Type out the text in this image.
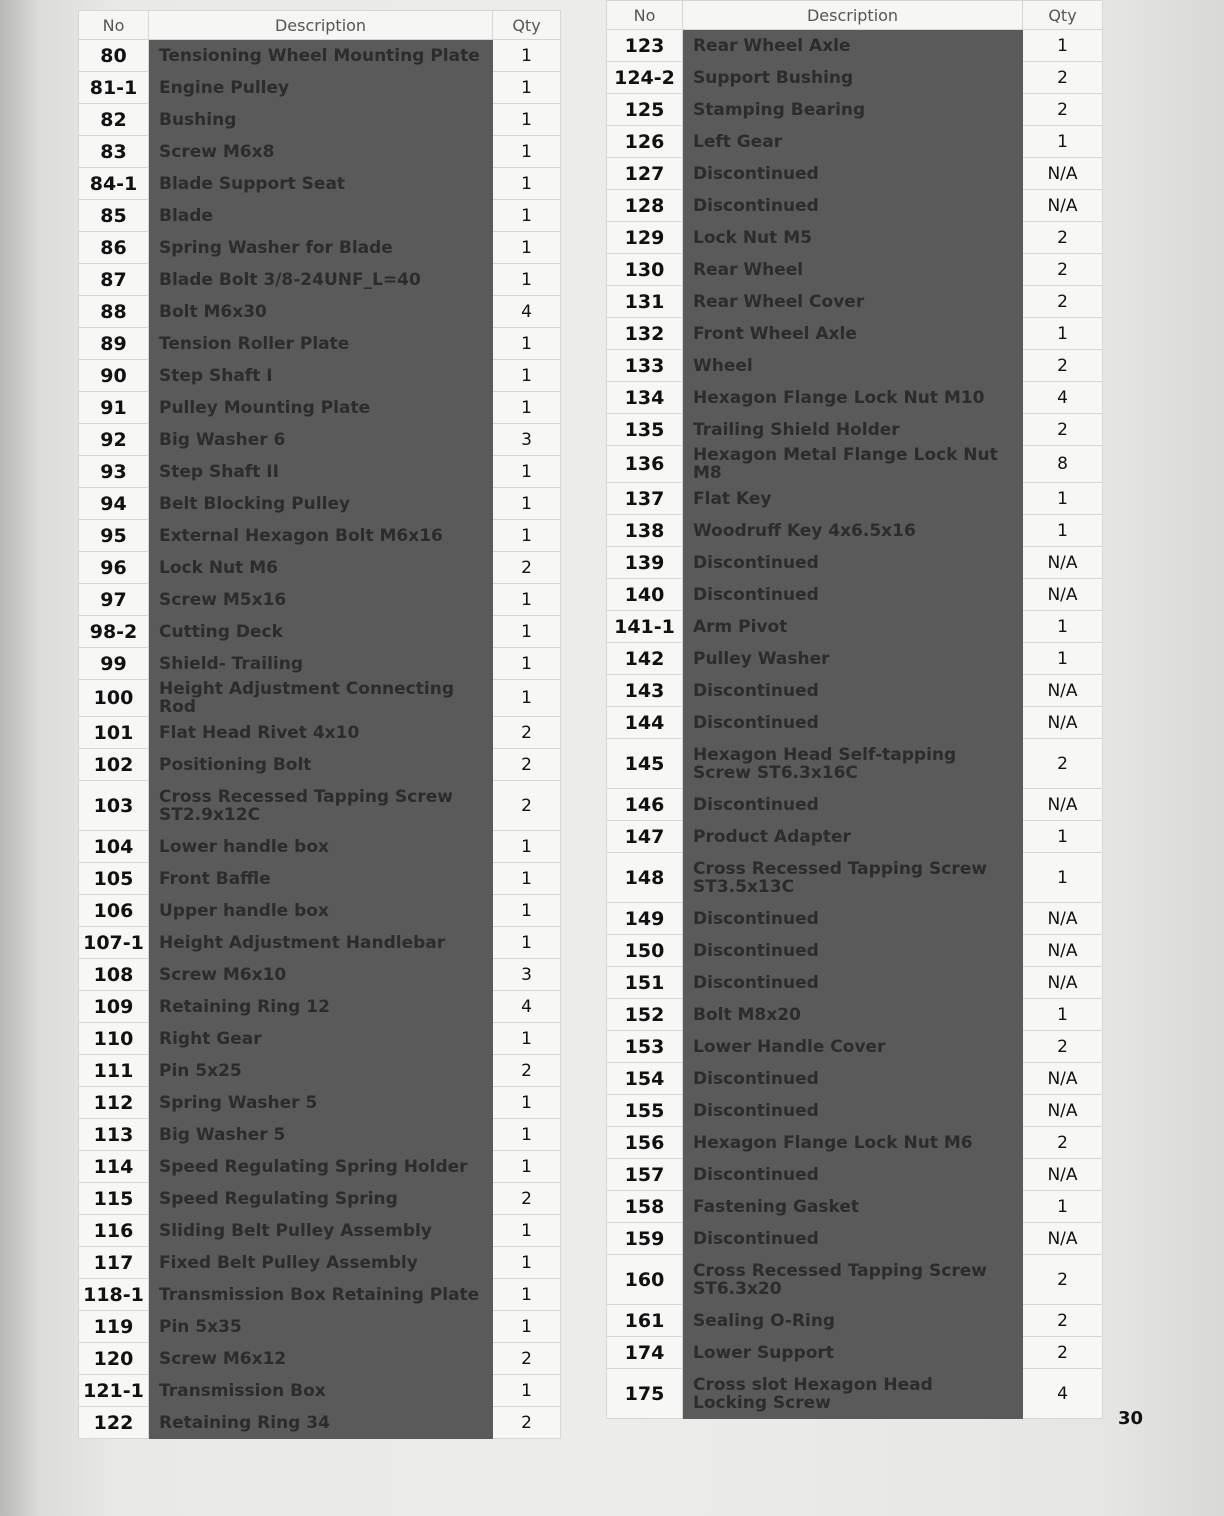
No	Description	Qty
80	Tensioning Wheel Mounting Plate	1
81-1	Engine Pulley	1
82	Bushing	1
83	Screw M6x8	1
84-1	Blade Support Seat	1
85	Blade	1
86	Spring Washer for Blade	1
87	Blade Bolt 3/8-24UNF_L=40	1
88	Bolt M6x30	4
89	Tension Roller Plate	1
90	Step Shaft I	1
91	Pulley Mounting Plate	1
92	Big Washer 6	3
93	Step Shaft II	1
94	Belt Blocking Pulley	1
95	External Hexagon Bolt M6x16	1
96	Lock Nut M6	2
97	Screw M5x16	1
98-2	Cutting Deck	1
99	Shield- Trailing	1
100	Height Adjustment Connecting Rod	1
101	Flat Head Rivet 4x10	2
102	Positioning Bolt	2
103	Cross Recessed Tapping Screw ST2.9x12C	2
104	Lower handle box	1
105	Front Baffle	1
106	Upper handle box	1
107-1	Height Adjustment Handlebar	1
108	Screw M6x10	3
109	Retaining Ring 12	4
110	Right Gear	1
111	Pin 5x25	2
112	Spring Washer 5	1
113	Big Washer 5	1
114	Speed Regulating Spring Holder	1
115	Speed Regulating Spring	2
116	Sliding Belt Pulley Assembly	1
117	Fixed Belt Pulley Assembly	1
118-1	Transmission Box Retaining Plate	1
119	Pin 5x35	1
120	Screw M6x12	2
121-1	Transmission Box	1
122	Retaining Ring 34	2
No	Description	Qty
123	Rear Wheel Axle	1
124-2	Support Bushing	2
125	Stamping Bearing	2
126	Left Gear	1
127	Discontinued	N/A
128	Discontinued	N/A
129	Lock Nut M5	2
130	Rear Wheel	2
131	Rear Wheel Cover	2
132	Front Wheel Axle	1
133	Wheel	2
134	Hexagon Flange Lock Nut M10	4
135	Trailing Shield Holder	2
136	Hexagon Metal Flange Lock Nut M8	8
137	Flat Key	1
138	Woodruff Key 4x6.5x16	1
139	Discontinued	N/A
140	Discontinued	N/A
141-1	Arm Pivot	1
142	Pulley Washer	1
143	Discontinued	N/A
144	Discontinued	N/A
145	Hexagon Head Self-tapping Screw ST6.3x16C	2
146	Discontinued	N/A
147	Product Adapter	1
148	Cross Recessed Tapping Screw ST3.5x13C	1
149	Discontinued	N/A
150	Discontinued	N/A
151	Discontinued	N/A
152	Bolt M8x20	1
153	Lower Handle Cover	2
154	Discontinued	N/A
155	Discontinued	N/A
156	Hexagon Flange Lock Nut M6	2
157	Discontinued	N/A
158	Fastening Gasket	1
159	Discontinued	N/A
160	Cross Recessed Tapping Screw ST6.3x20	2
161	Sealing O-Ring	2
174	Lower Support	2
175	Cross slot Hexagon Head Locking Screw	4
30
